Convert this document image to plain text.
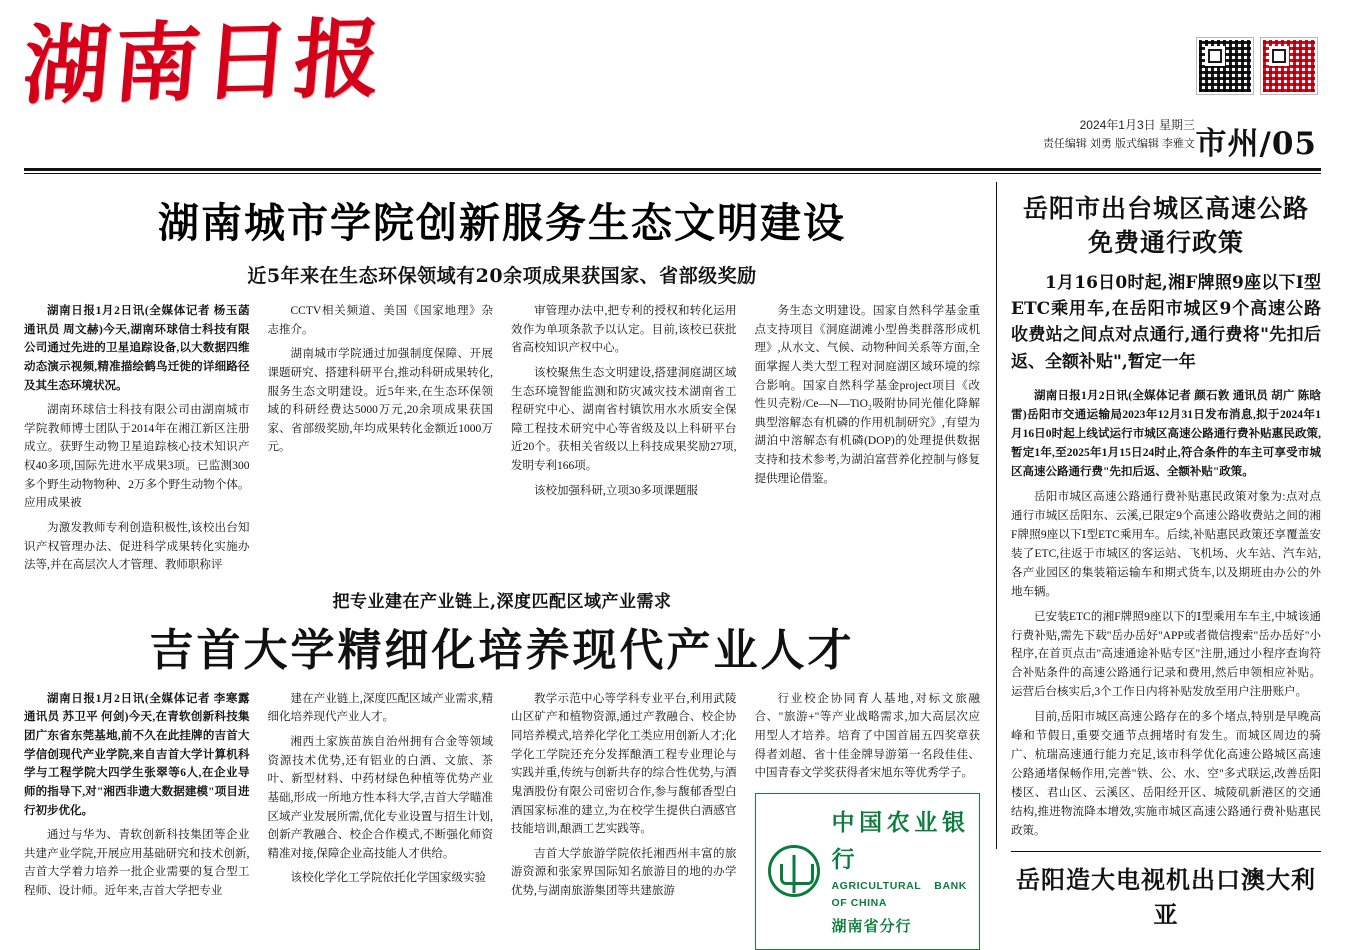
湖南日报
2024年1月3日 星期三
责任编辑 刘勇 版式编辑 李雅文 市州/05
湖南城市学院创新服务生态文明建设
近5年来在生态环保领域有20余项成果获国家、省部级奖励

湖南日报1月2日讯(全媒体记者 杨玉菡 通讯员 周文赫)今天,湖南环球信士科技有限公司通过先进的卫星追踪设备,以大数据四维动态演示视频,精准描绘鹤鸟迁徙的详细路径及其生态环境状况。

湖南环球信士科技有限公司由湖南城市学院教师博士团队于2014年在湘江新区注册成立。获野生动物卫星追踪核心技术知识产权40多项,国际先进水平成果3项。已监测300多个野生动物物种、2万多个野生动物个体。应用成果被

为激发教师专利创造积极性,该校出台知识产权管理办法、促进科学成果转化实施办法等,并在高层次人才管理、教师职称评

CCTV相关频道、美国《国家地理》杂志推介。

湖南城市学院通过加强制度保障、开展课题研究、搭建科研平台,推动科研成果转化,服务生态文明建设。近5年来,在生态环保领域的科研经费达5000万元,20余项成果获国家、省部级奖励,年均成果转化金额近1000万元。

审管理办法中,把专利的授权和转化运用效作为单项条款予以认定。目前,该校已获批省高校知识产权中心。

该校聚焦生态文明建设,搭建洞庭湖区域生态环境智能监测和防灾减灾技术湖南省工程研究中心、湖南省村镇饮用水水质安全保障工程技术研究中心等省级及以上科研平台近20个。获相关省级以上科技成果奖励27项,发明专利166项。

该校加强科研,立项30多项课题服

务生态文明建设。国家自然科学基金重点支持项目《洞庭湖滩小型兽类群落形成机理》,从水文、气候、动物种间关系等方面,全面掌握人类大型工程对洞庭湖区域环境的综合影响。国家自然科学基金project项目《改性贝壳粉/Ce—N—TiO₂吸附协同光催化降解典型溶解态有机磷的作用机制研究》,有望为湖泊中溶解态有机磷(DOP)的处理提供数据支持和技术参考,为湖泊富营养化控制与修复提供理论借鉴。

把专业建在产业链上,深度匹配区域产业需求
吉首大学精细化培养现代产业人才

湖南日报1月2日讯(全媒体记者 李寒露 通讯员 苏卫平 何剑)今天,在青软创新科技集团广东省东莞基地,前不久在此挂牌的吉首大学信创现代产业学院,来自吉首大学计算机科学与工程学院大四学生张翠等6人,在企业导师的指导下,对"湘西非遗大数据建模"项目进行初步优化。

通过与华为、青软创新科技集团等企业共建产业学院,开展应用基础研究和技术创新,吉首大学着力培养一批企业需要的复合型工程师、设计师。近年来,吉首大学把专业

建在产业链上,深度匹配区域产业需求,精细化培养现代产业人才。

湘西土家族苗族自治州拥有合金等领域资源技术优势,还有铝业的白酒、文旅、茶叶、新型材料、中药材绿色种植等优势产业基础,形成一所地方性本科大学,吉首大学瞄准区域产业发展所需,优化专业设置与招生计划,创新产教融合、校企合作模式,不断强化师资精准对接,保障企业高技能人才供给。

该校化学化工学院依托化学国家级实验

教学示范中心等学科专业平台,利用武陵山区矿产和植物资源,通过产教融合、校企协同培养模式,培养化学化工类应用创新人才;化学化工学院还充分发挥酿酒工程专业理论与实践并重,传统与创新共存的综合性优势,与酒鬼酒股份有限公司密切合作,参与馥郁香型白酒国家标准的建立,为在校学生提供白酒感官技能培训,酿酒工艺实践等。

吉首大学旅游学院依托湘西州丰富的旅游资源和张家界国际知名旅游目的地的办学优势,与湖南旅游集团等共建旅游

行业校企协同育人基地,对标文旅融合、"旅游+"等产业战略需求,加大高层次应用型人才培养。培育了中国首届五四奖章获得者刘超、省十佳金牌导游第一名段佳佳、中国青春文学奖获得者宋旭东等优秀学子。

中国农业银行
AGRICULTURAL BANK OF CHINA
湖南省分行
岳阳市出台城区高速公路免费通行政策
1月16日0时起,湘F牌照9座以下Ⅰ型ETC乘用车,在岳阳市城区9个高速公路收费站之间点对点通行,通行费将"先扣后返、全额补贴",暂定一年

湖南日报1月2日讯(全媒体记者 颜石敦 通讯员 胡广 陈晗雷)岳阳市交通运输局2023年12月31日发布消息,拟于2024年1月16日0时起上线试运行市城区高速公路通行费补贴惠民政策,暂定1年,至2025年1月15日24时止,符合条件的车主可享受市城区高速公路通行费"先扣后返、全额补贴"政策。

岳阳市城区高速公路通行费补贴惠民政策对象为:点对点通行市城区岳阳东、云溪,已限定9个高速公路收费站之间的湘F牌照9座以下Ⅰ型ETC乘用车。后续,补贴惠民政策还享覆盖安装了ETC,往返于市城区的客运站、飞机场、火车站、汽车站,各产业园区的集装箱运输车和期式货车,以及期班由办公的外地车辆。

已安装ETC的湘F牌照9座以下的Ⅰ型乘用车车主,中城该通行费补贴,需先下载"岳办岳好"APP或者微信搜索"岳办岳好"小程序,在首页点击"高速通途补贴专区"注册,通过小程序查询符合补贴条件的高速公路通行记录和费用,然后申领相应补贴。运营后台核实后,3个工作日内将补贴发放至用户注册账户。

目前,岳阳市城区高速公路存在的多个堵点,特别是早晚高峰和节假日,重要交通节点拥堵时有发生。而城区周边的骑广、杭瑞高速通行能力充足,该市科学优化高速公路城区高速公路通堵保畅作用,完善"铁、公、水、空"多式联运,改善岳阳楼区、君山区、云溪区、岳阳经开区、城陵矶新港区的交通结构,推进物流降本增效,实施市城区高速公路通行费补贴惠民政策。

岳阳造大电视机出口澳大利亚
